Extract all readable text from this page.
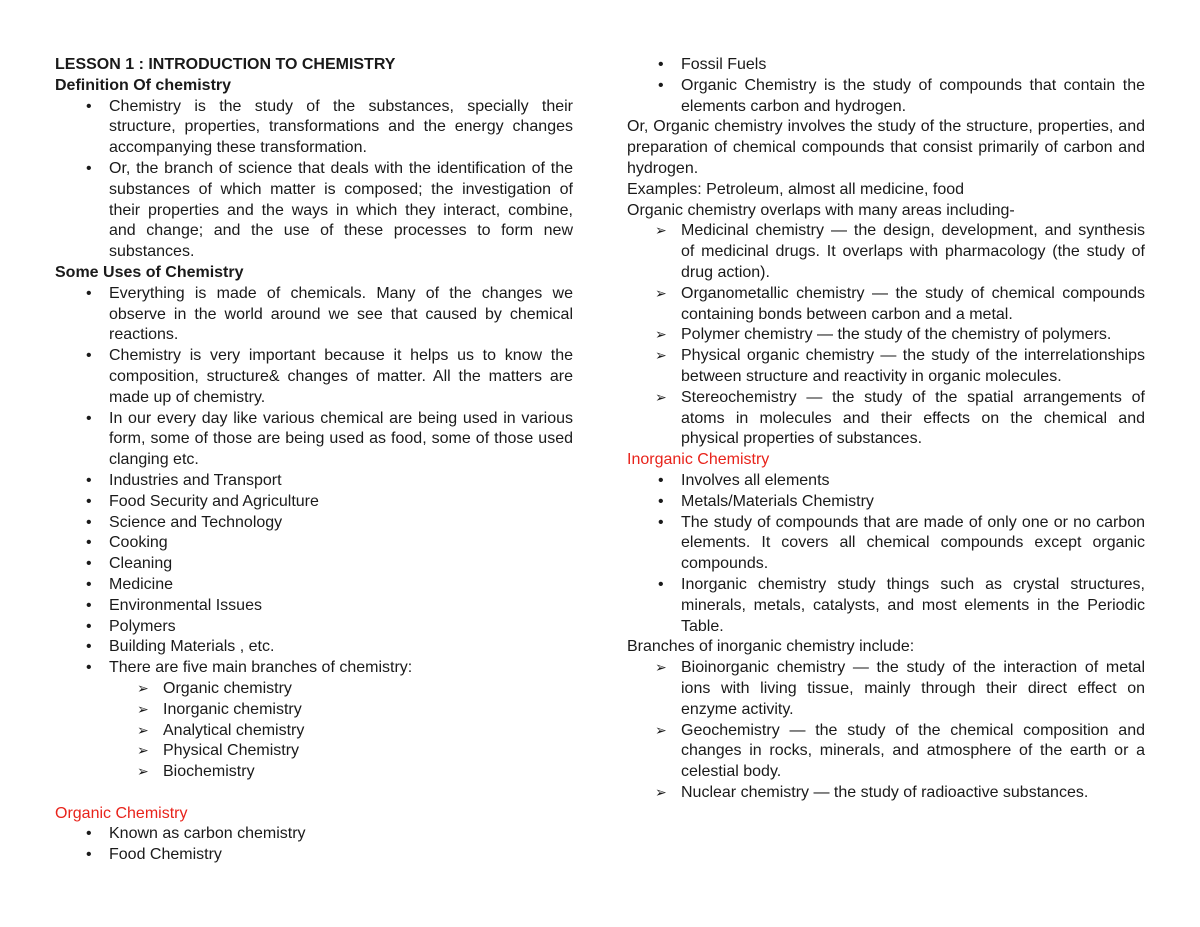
LESSON 1 : INTRODUCTION TO CHEMISTRY
Definition Of chemistry
• Chemistry is the study of the substances, specially their structure, properties, transformations and the energy changes accompanying these transformation.
• Or, the branch of science that deals with the identification of the substances of which matter is composed; the investigation of their properties and the ways in which they interact, combine, and change; and the use of these processes to form new substances.
Some Uses of Chemistry
• Everything is made of chemicals. Many of the changes we observe in the world around we see that caused by chemical reactions.
• Chemistry is very important because it helps us to know the composition, structure& changes of matter. All the matters are made up of chemistry.
• In our every day like various chemical are being used in various form, some of those are being used as food, some of those used clanging etc.
• Industries and Transport
• Food Security and Agriculture
• Science and Technology
• Cooking
• Cleaning
• Medicine
• Environmental Issues
• Polymers
• Building Materials , etc.
• There are five main branches of chemistry:
➢ Organic chemistry
➢ Inorganic chemistry
➢ Analytical chemistry
➢ Physical Chemistry
➢ Biochemistry
Organic Chemistry
• Known as carbon chemistry
• Food Chemistry
• Fossil Fuels
• Organic Chemistry is the study of compounds that contain the elements carbon and hydrogen.
Or, Organic chemistry involves the study of the structure, properties, and preparation of chemical compounds that consist primarily of carbon and hydrogen.
Examples: Petroleum, almost all medicine, food
Organic chemistry overlaps with many areas including-
➢ Medicinal chemistry — the design, development, and synthesis of medicinal drugs. It overlaps with pharmacology (the study of drug action).
➢ Organometallic chemistry — the study of chemical compounds containing bonds between carbon and a metal.
➢ Polymer chemistry — the study of the chemistry of polymers.
➢ Physical organic chemistry — the study of the interrelationships between structure and reactivity in organic molecules.
➢ Stereochemistry — the study of the spatial arrangements of atoms in molecules and their effects on the chemical and physical properties of substances.
Inorganic Chemistry
• Involves all elements
• Metals/Materials Chemistry
• The study of compounds that are made of only one or no carbon elements. It covers all chemical compounds except organic compounds.
• Inorganic chemistry study things such as crystal structures, minerals, metals, catalysts, and most elements in the Periodic Table.
Branches of inorganic chemistry include:
➢ Bioinorganic chemistry — the study of the interaction of metal ions with living tissue, mainly through their direct effect on enzyme activity.
➢ Geochemistry — the study of the chemical composition and changes in rocks, minerals, and atmosphere of the earth or a celestial body.
➢ Nuclear chemistry — the study of radioactive substances.
